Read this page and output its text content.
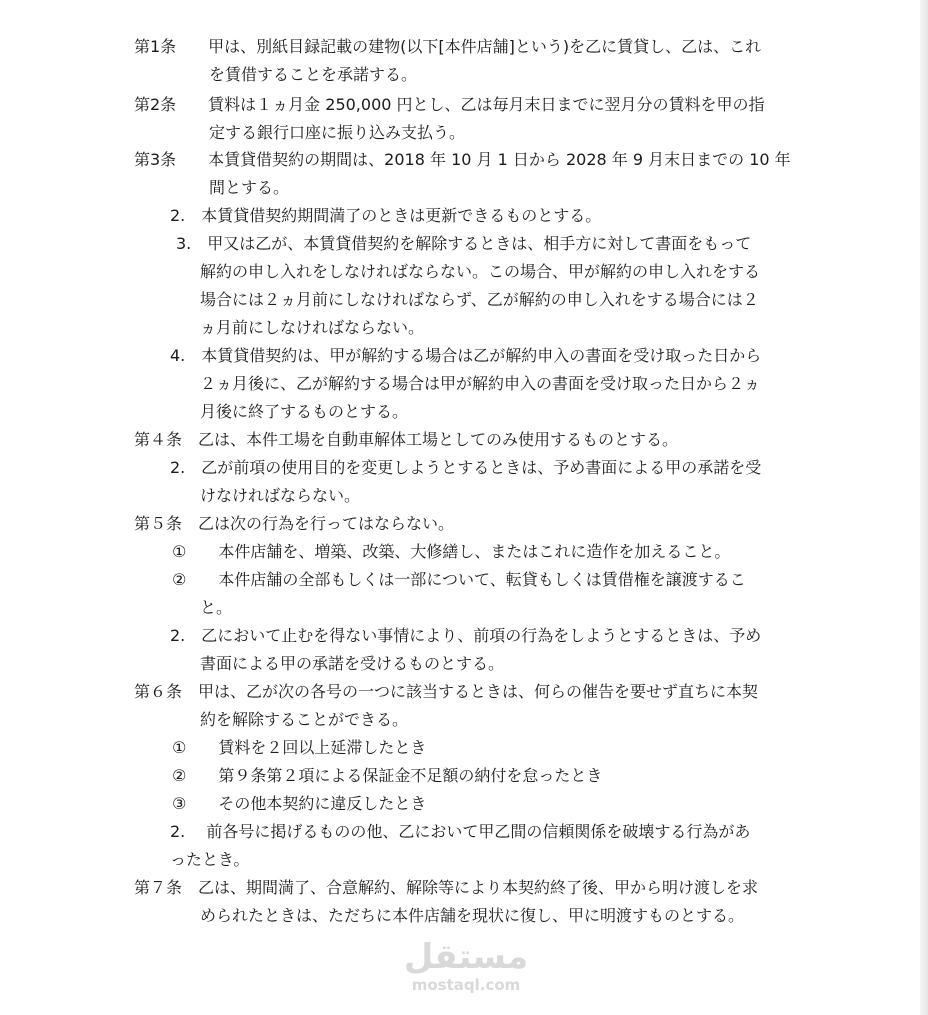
第1条　　甲は、別紙目録記載の建物(以下[本件店舗]という)を乙に賃貸し、乙は、これ
を賃借することを承諾する。
第2条　　賃料は１ヵ月金 250,000 円とし、乙は毎月末日までに翌月分の賃料を甲の指
定する銀行口座に振り込み支払う。
第3条　　本賃貸借契約の期間は、2018 年 10 月 1 日から 2028 年 9 月末日までの 10 年
間とする。
2.　本賃貸借契約期間満了のときは更新できるものとする。
3.　甲又は乙が、本賃貸借契約を解除するときは、相手方に対して書面をもって
解約の申し入れをしなければならない。この場合、甲が解約の申し入れをする
場合には２ヵ月前にしなければならず、乙が解約の申し入れをする場合には２
ヵ月前にしなければならない。
4.　本賃貸借契約は、甲が解約する場合は乙が解約申入の書面を受け取った日から
２ヵ月後に、乙が解約する場合は甲が解約申入の書面を受け取った日から２ヵ
月後に終了するものとする。
第４条　乙は、本件工場を自動車解体工場としてのみ使用するものとする。
2.　乙が前項の使用目的を変更しようとするときは、予め書面による甲の承諾を受
けなければならない。
第５条　乙は次の行為を行ってはならない。
①　　本件店舗を、増築、改築、大修繕し、またはこれに造作を加えること。
②　　本件店舗の全部もしくは一部について、転貸もしくは賃借権を譲渡するこ
と。
2.　乙において止むを得ない事情により、前項の行為をしようとするときは、予め
書面による甲の承諾を受けるものとする。
第６条　甲は、乙が次の各号の一つに該当するときは、何らの催告を要せず直ちに本契
約を解除することができる。
①　　賃料を２回以上延滞したとき
②　　第９条第２項による保証金不足額の納付を怠ったとき
③　　その他本契約に違反したとき
2.　 前各号に掲げるものの他、乙において甲乙間の信頼関係を破壊する行為があ
ったとき。
第７条　乙は、期間満了、合意解約、解除等により本契約終了後、甲から明け渡しを求
められたときは、ただちに本件店舗を現状に復し、甲に明渡すものとする。
مستقل
mostaql.com
